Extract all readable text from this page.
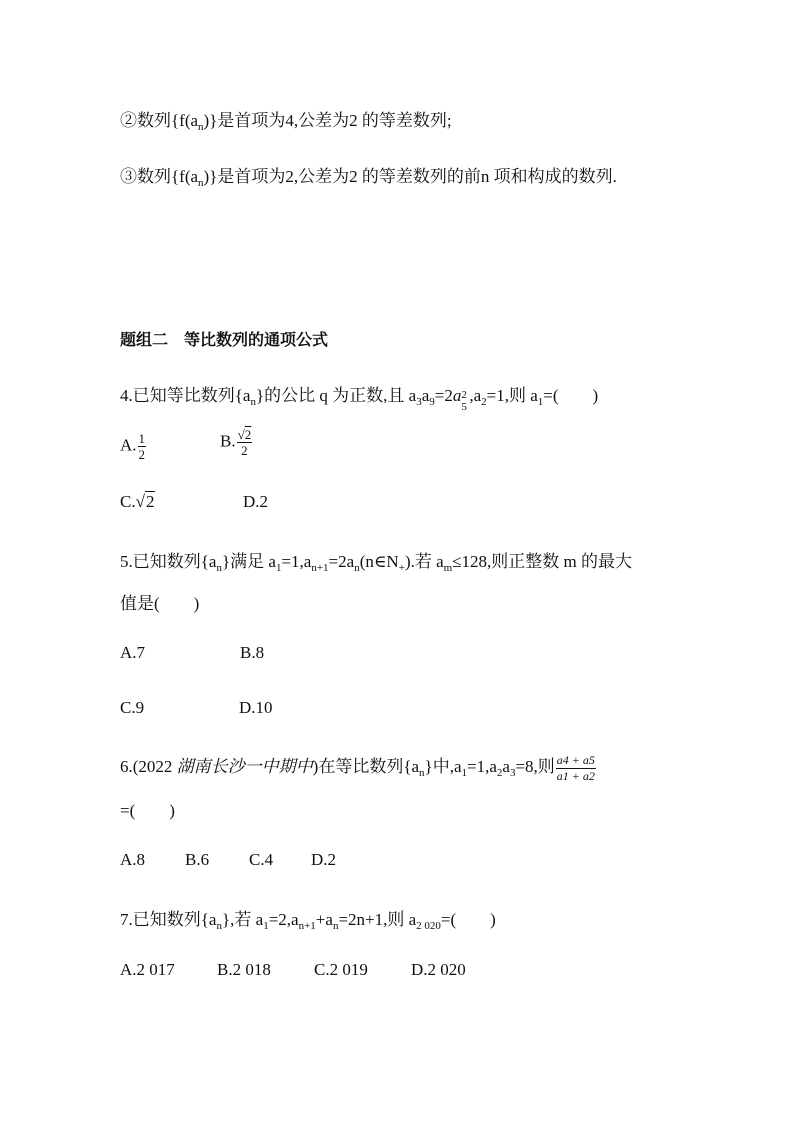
②数列$\{f(a_n)\}$是首项为4,公差为2 的等差数列;
③数列$\{f(a_n)\}$是首项为2,公差为2 的等差数列的前n 项和构成的数列.
题组二　等比数列的通项公式
4.已知等比数列$\{a_n\}$的公比 q 为正数,且 $a_3a_9=2a$ 2
5
$,a_2=1$,则 $a_1=$(　　)
A. $\frac{1}{2}$	B. $\frac{√2}{2}$
C.√2	D.2
5.已知数列$\{a_n\}$满足 $a_1=1,a_{n+1}=2a_n(n\in N_+)$.若 $a_m\le 128$,则正整数 m 的最大
值是(　　)
A.7	B.8
C.9	D.10
6.(2022 湖南长沙一中期中)在等比数列$\{a_n\}$中$,a_1=1,a_2a_3=8$,则 $\frac{a4 + a5}{a1 + a2}$
=(　　)
A.8 B.6 C.4 D.2
7.已知数列$\{a_n\}$,若 $a_1=2,a_{n+1}+a_n=2n+1$,则 $a_{2 020}=$(　　)
A.2 017 B.2 018	C.2 019	D.2 020
